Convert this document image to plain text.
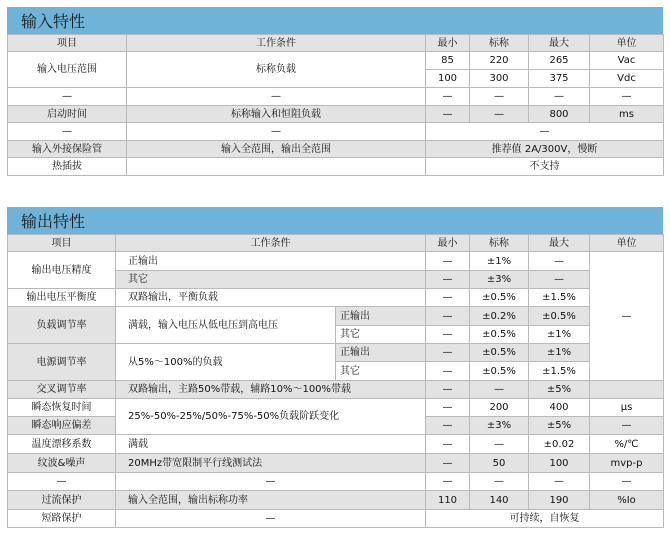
输入特性
项目	工作条件	最小	标称	最大	单位
输入电压范围	标称负载	85	220	265	Vac
		100	300	375	Vdc
—	—	—	—	—	—
启动时间	标称输入和恒阻负载	—	—	800	ms
—	—	—			
输入外接保险管	输入全范围，输出全范围	推荐值 2A/300V，慢断			
热插拔		不支持			
输出特性
项目	工作条件		最小	标称	最大	单位
输出电压精度	正输出		—	±1%	—	—
	其它		—	±3%	—	
输出电压平衡度	双路输出，平衡负载		—	±0.5%	±1.5%	
负载调节率	满载，输入电压从低电压到高电压	正输出	—	±0.2%	±0.5%	
		其它	—	±0.5%	±1%	
电源调节率	从5%～100%的负载	正输出	—	±0.5%	±1%	
		其它	—	±0.5%	±1.5%	
交叉调节率	双路输出，主路50%带载，辅路10%～100%带载		—	—	±5%	
瞬态恢复时间	25%-50%-25%/50%-75%-50%负载阶跃变化		—	200	400	μs
瞬态响应偏差			—	±3%	±5%	—
温度漂移系数	满载		—	—	±0.02	%/℃
纹波&噪声	20MHz带宽限制平行线测试法		—	50	100	mvp-p
—	—		—	—	—	—
过流保护	输入全范围，输出标称功率		110	140	190	%Io
短路保护	—		可持续，自恢复			
